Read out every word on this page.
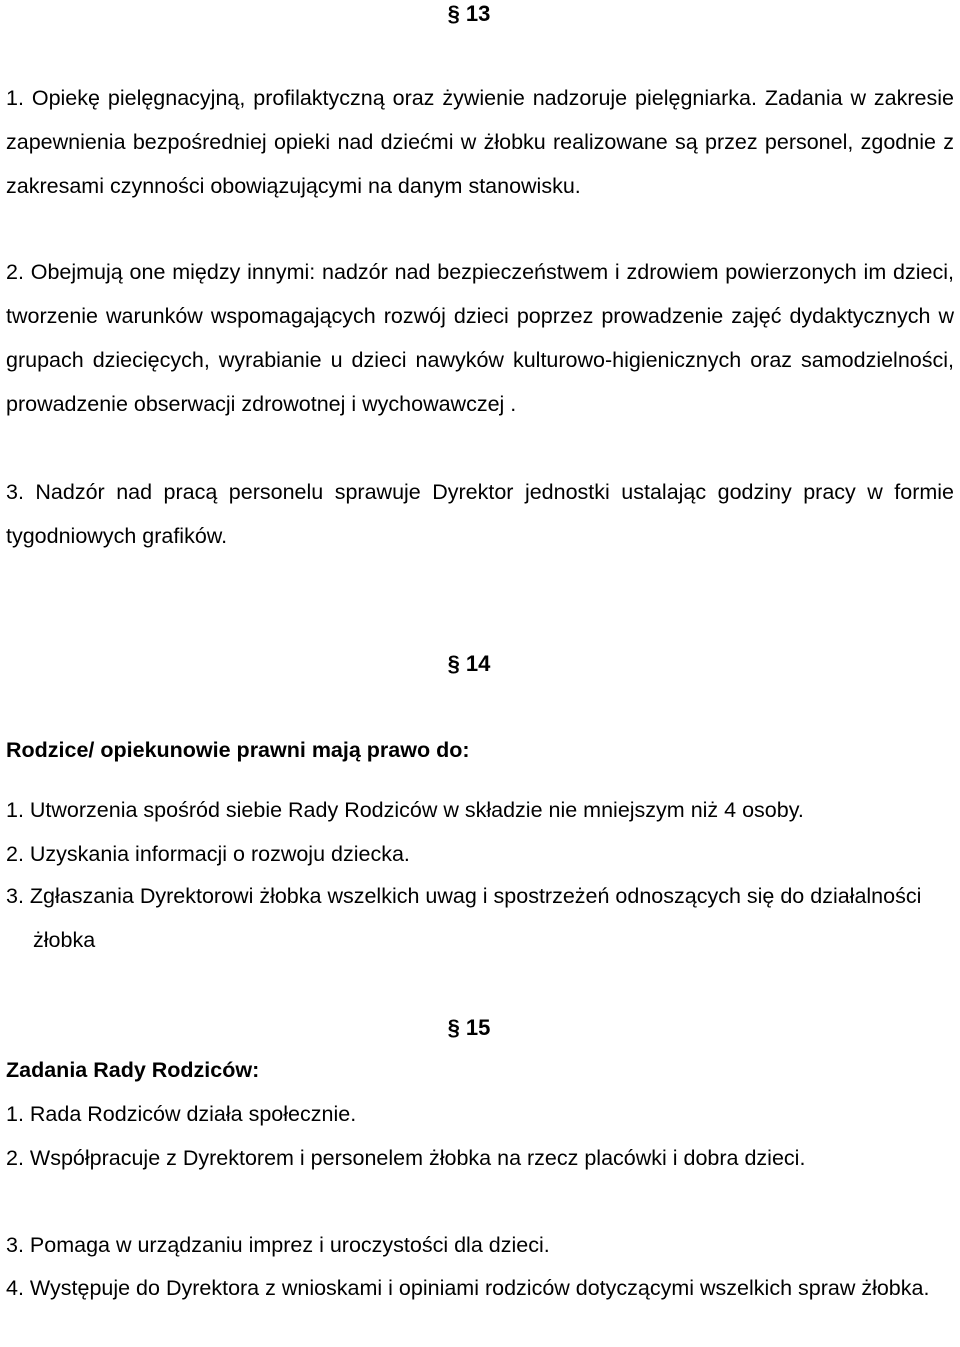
§ 13

1. Opiekę pielęgnacyjną, profilaktyczną oraz żywienie nadzoruje pielęgniarka. Zadania w zakresie zapewnienia bezpośredniej opieki nad dziećmi w żłobku realizowane są przez personel, zgodnie z zakresami czynności obowiązującymi na danym stanowisku.

2. Obejmują one między innymi: nadzór nad bezpieczeństwem i zdrowiem powierzonych im dzieci, tworzenie warunków wspomagających rozwój dzieci poprzez prowadzenie zajęć dydaktycznych w grupach dziecięcych, wyrabianie u dzieci nawyków kulturowo-higienicznych oraz samodzielności, prowadzenie obserwacji zdrowotnej i wychowawczej .

3. Nadzór nad pracą personelu sprawuje Dyrektor jednostki ustalając godziny pracy w formie tygodniowych grafików.

§ 14

Rodzice/ opiekunowie prawni mają prawo do:

1. Utworzenia spośród siebie Rady Rodziców w składzie nie mniejszym niż 4 osoby.

2. Uzyskania informacji o rozwoju dziecka.

3. Zgłaszania Dyrektorowi żłobka wszelkich uwag i spostrzeżeń odnoszących się do działalności żłobka

§ 15

Zadania Rady Rodziców:

1. Rada Rodziców działa społecznie.

2. Współpracuje z Dyrektorem i personelem żłobka na rzecz placówki i dobra dzieci.

3. Pomaga w urządzaniu imprez i uroczystości dla dzieci.

4. Występuje do Dyrektora z wnioskami i opiniami rodziców dotyczącymi wszelkich spraw żłobka.
